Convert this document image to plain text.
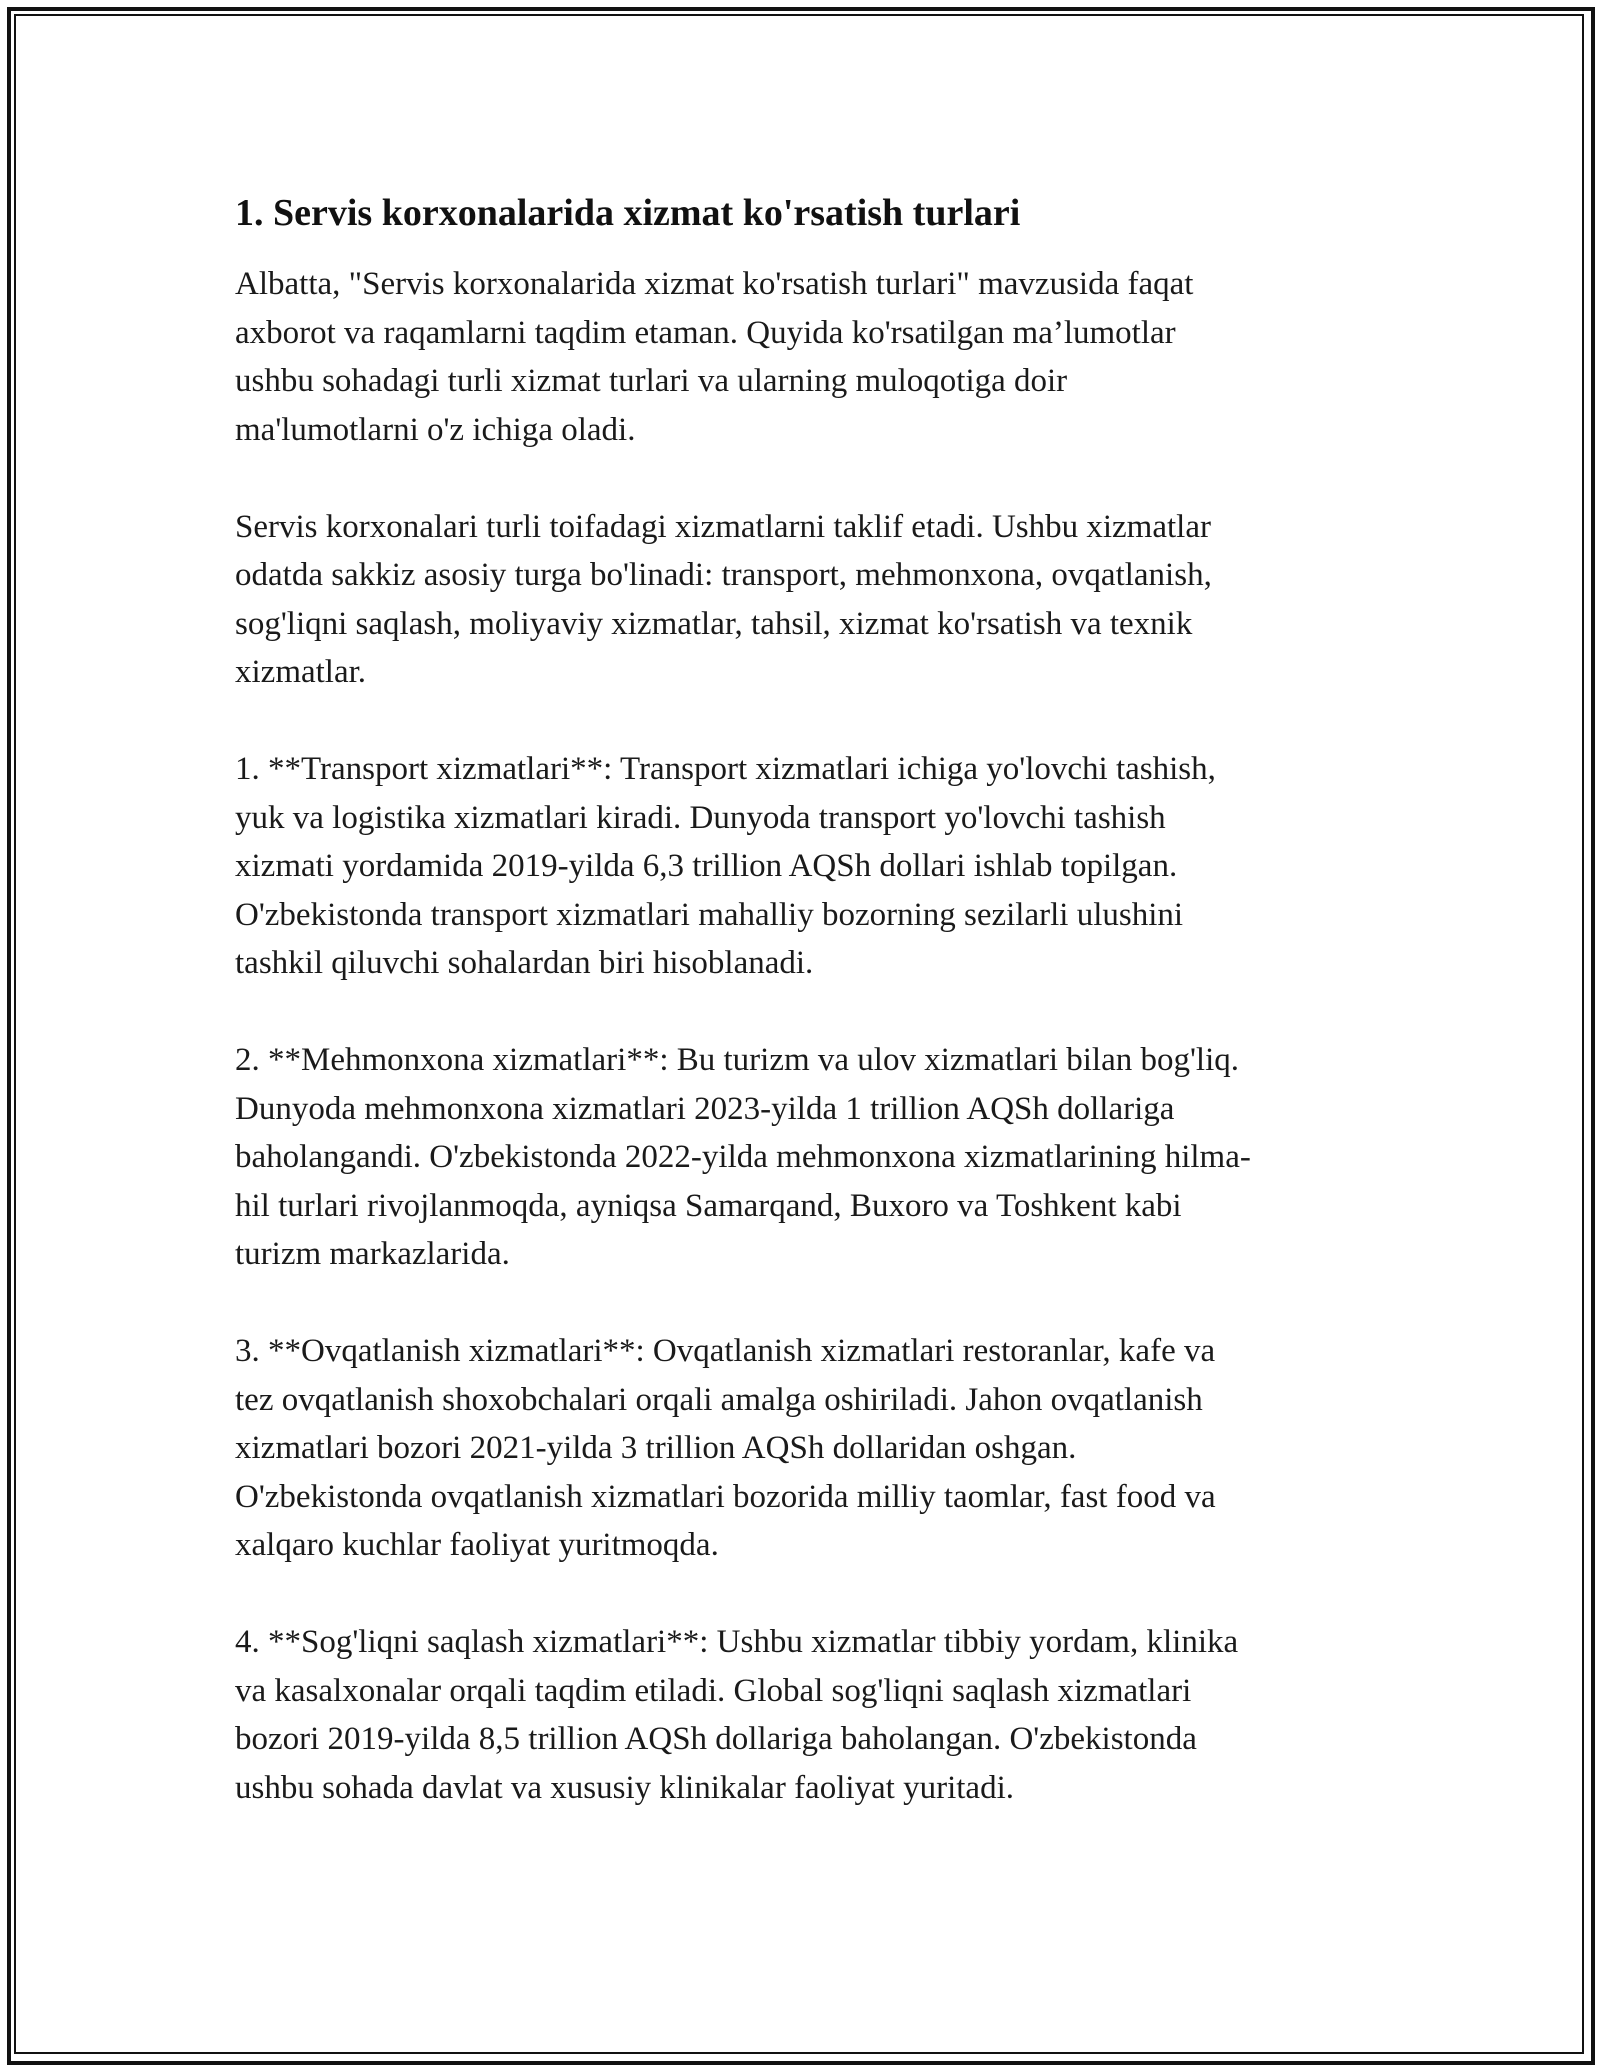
1. Servis korxonalarida xizmat ko'rsatish turlari

Albatta, "Servis korxonalarida xizmat ko'rsatish turlari" mavzusida faqat
axborot va raqamlarni taqdim etaman. Quyida ko'rsatilgan ma’lumotlar
ushbu sohadagi turli xizmat turlari va ularning muloqotiga doir
ma'lumotlarni o'z ichiga oladi.

Servis korxonalari turli toifadagi xizmatlarni taklif etadi. Ushbu xizmatlar
odatda sakkiz asosiy turga bo'linadi: transport, mehmonxona, ovqatlanish,
sog'liqni saqlash, moliyaviy xizmatlar, tahsil, xizmat ko'rsatish va texnik
xizmatlar.

1. **Transport xizmatlari**: Transport xizmatlari ichiga yo'lovchi tashish,
yuk va logistika xizmatlari kiradi. Dunyoda transport yo'lovchi tashish
xizmati yordamida 2019-yilda 6,3 trillion AQSh dollari ishlab topilgan.
O'zbekistonda transport xizmatlari mahalliy bozorning sezilarli ulushini
tashkil qiluvchi sohalardan biri hisoblanadi.

2. **Mehmonxona xizmatlari**: Bu turizm va ulov xizmatlari bilan bog'liq.
Dunyoda mehmonxona xizmatlari 2023-yilda 1 trillion AQSh dollariga
baholangandi. O'zbekistonda 2022-yilda mehmonxona xizmatlarining hilma-
hil turlari rivojlanmoqda, ayniqsa Samarqand, Buxoro va Toshkent kabi
turizm markazlarida.

3. **Ovqatlanish xizmatlari**: Ovqatlanish xizmatlari restoranlar, kafe va
tez ovqatlanish shoxobchalari orqali amalga oshiriladi. Jahon ovqatlanish
xizmatlari bozori 2021-yilda 3 trillion AQSh dollaridan oshgan.
O'zbekistonda ovqatlanish xizmatlari bozorida milliy taomlar, fast food va
xalqaro kuchlar faoliyat yuritmoqda.

4. **Sog'liqni saqlash xizmatlari**: Ushbu xizmatlar tibbiy yordam, klinika
va kasalxonalar orqali taqdim etiladi. Global sog'liqni saqlash xizmatlari
bozori 2019-yilda 8,5 trillion AQSh dollariga baholangan. O'zbekistonda
ushbu sohada davlat va xususiy klinikalar faoliyat yuritadi.
